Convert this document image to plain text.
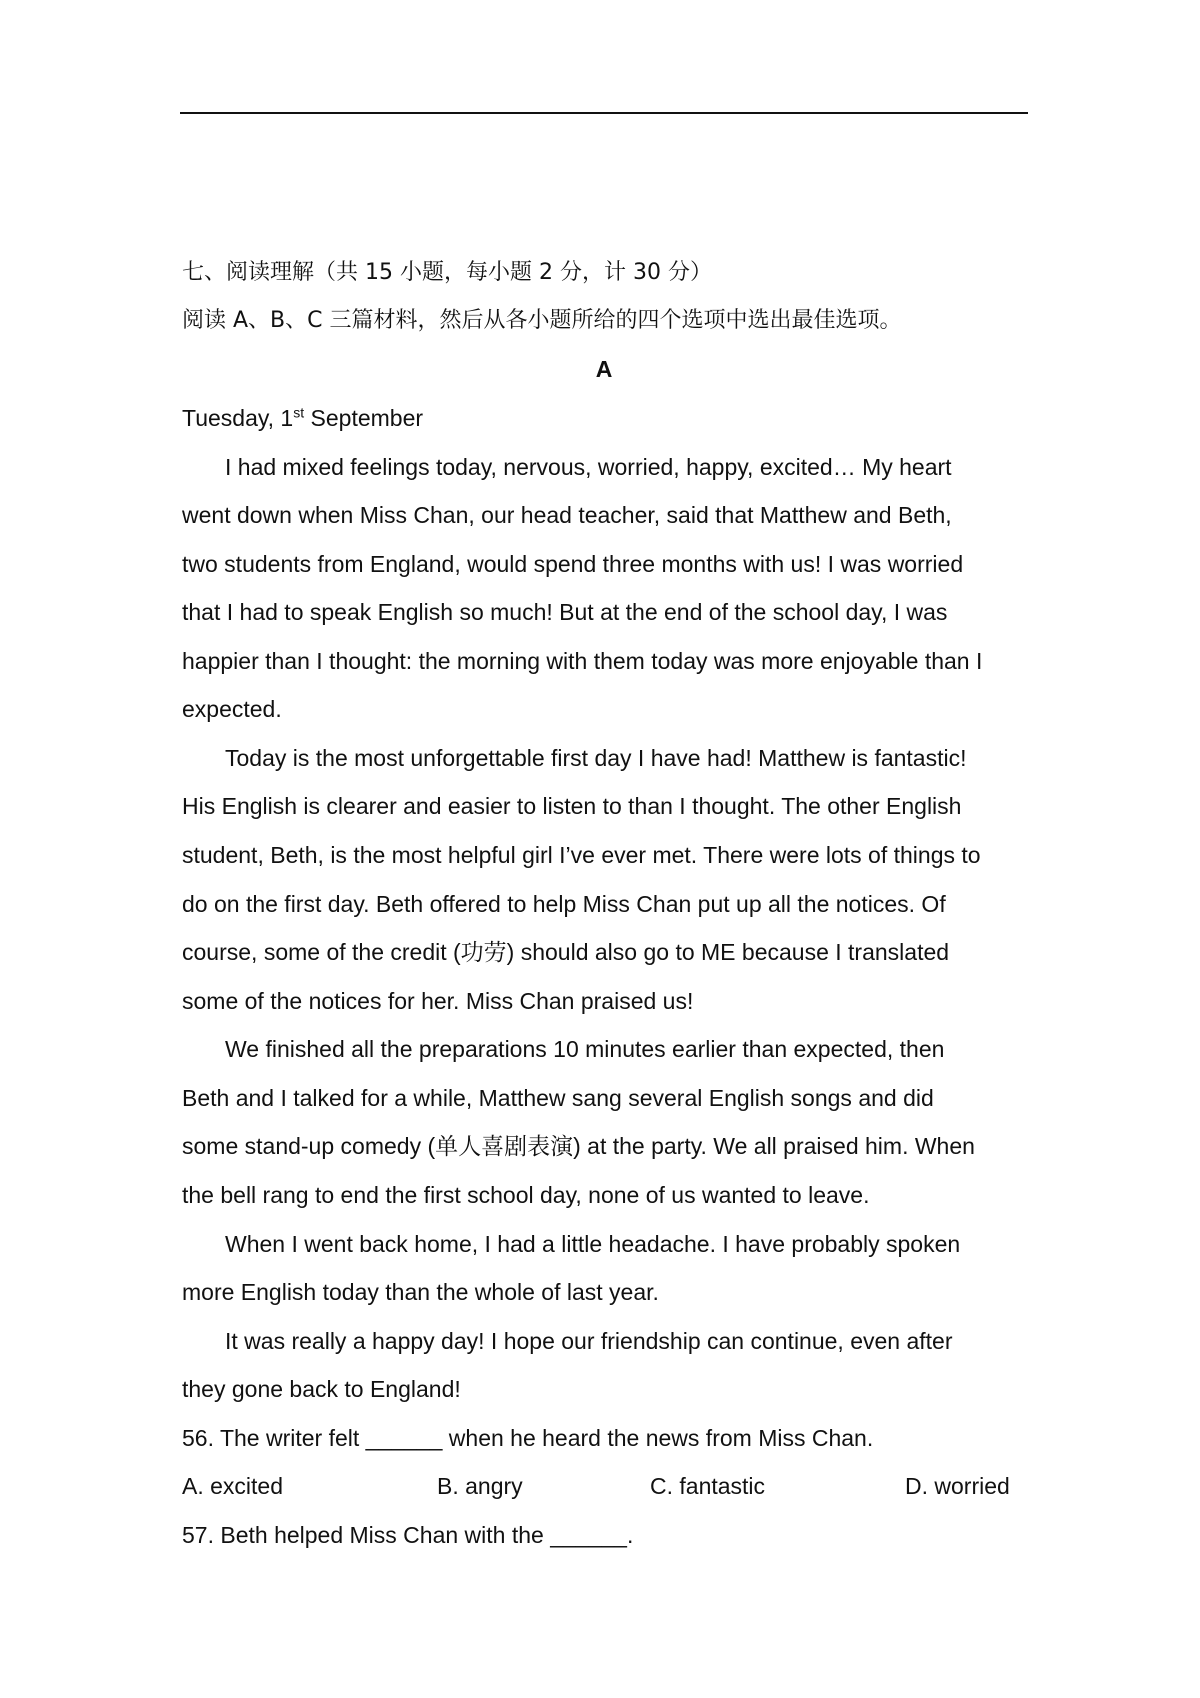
七、阅读理解（共 15 小题，每小题 2 分，计 30 分）
阅读 A、B、C 三篇材料，然后从各小题所给的四个选项中选出最佳选项。
A
Tuesday, 1st September
I had mixed feelings today, nervous, worried, happy, excited… My heart
went down when Miss Chan, our head teacher, said that Matthew and Beth,
two students from England, would spend three months with us! I was worried
that I had to speak English so much! But at the end of the school day, I was
happier than I thought: the morning with them today was more enjoyable than I
expected.
Today is the most unforgettable first day I have had! Matthew is fantastic!
His English is clearer and easier to listen to than I thought. The other English
student, Beth, is the most helpful girl I’ve ever met. There were lots of things to
do on the first day. Beth offered to help Miss Chan put up all the notices. Of
course, some of the credit (功劳) should also go to ME because I translated
some of the notices for her. Miss Chan praised us!
We finished all the preparations 10 minutes earlier than expected, then
Beth and I talked for a while, Matthew sang several English songs and did
some stand-up comedy (单人喜剧表演) at the party. We all praised him. When
the bell rang to end the first school day, none of us wanted to leave.
When I went back home, I had a little headache. I have probably spoken
more English today than the whole of last year.
It was really a happy day! I hope our friendship can continue, even after
they gone back to England!
56. The writer felt ______ when he heard the news from Miss Chan.
A. excited	B. angry	C. fantastic	D. worried
57. Beth helped Miss Chan with the ______.
